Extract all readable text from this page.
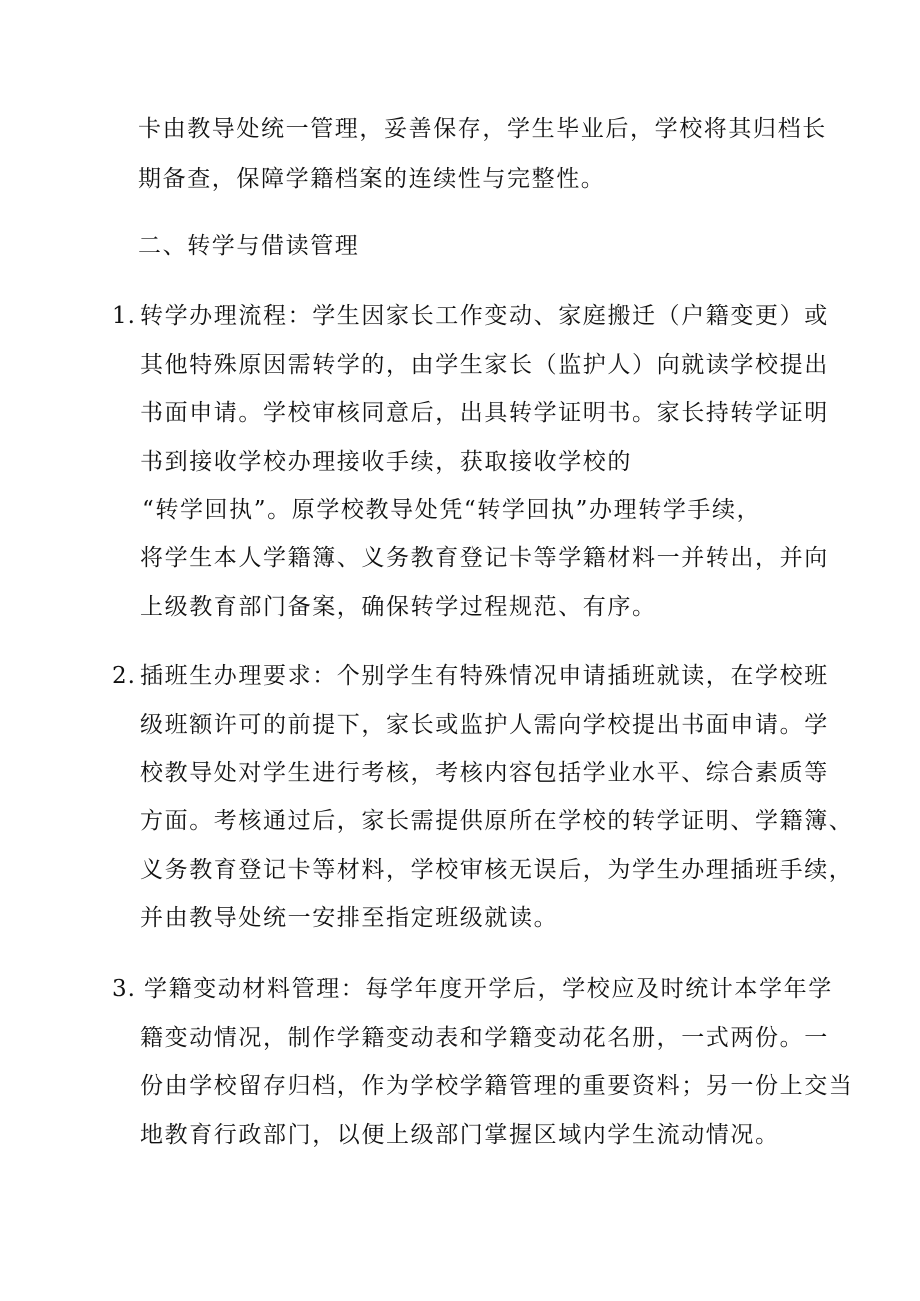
卡由教导处统一管理，妥善保存，学生毕业后，学校将其归档长
期备查，保障学籍档案的连续性与完整性。
二、转学与借读管理
1. 转学办理流程：学生因家长工作变动、家庭搬迁（户籍变更）或
其他特殊原因需转学的，由学生家长（监护人）向就读学校提出
书面申请。学校审核同意后，出具转学证明书。家长持转学证明
书到接收学校办理接收手续，获取接收学校的
“转学回执”。原学校教导处凭“转学回执”办理转学手续，
将学生本人学籍簿、义务教育登记卡等学籍材料一并转出，并向
上级教育部门备案，确保转学过程规范、有序。
2. 插班生办理要求：个别学生有特殊情况申请插班就读，在学校班
级班额许可的前提下，家长或监护人需向学校提出书面申请。学
校教导处对学生进行考核，考核内容包括学业水平、综合素质等
方面。考核通过后，家长需提供原所在学校的转学证明、学籍簿、
义务教育登记卡等材料，学校审核无误后，为学生办理插班手续，
并由教导处统一安排至指定班级就读。
3. 学籍变动材料管理：每学年度开学后，学校应及时统计本学年学
籍变动情况，制作学籍变动表和学籍变动花名册，一式两份。一
份由学校留存归档，作为学校学籍管理的重要资料；另一份上交当
地教育行政部门，以便上级部门掌握区域内学生流动情况。
